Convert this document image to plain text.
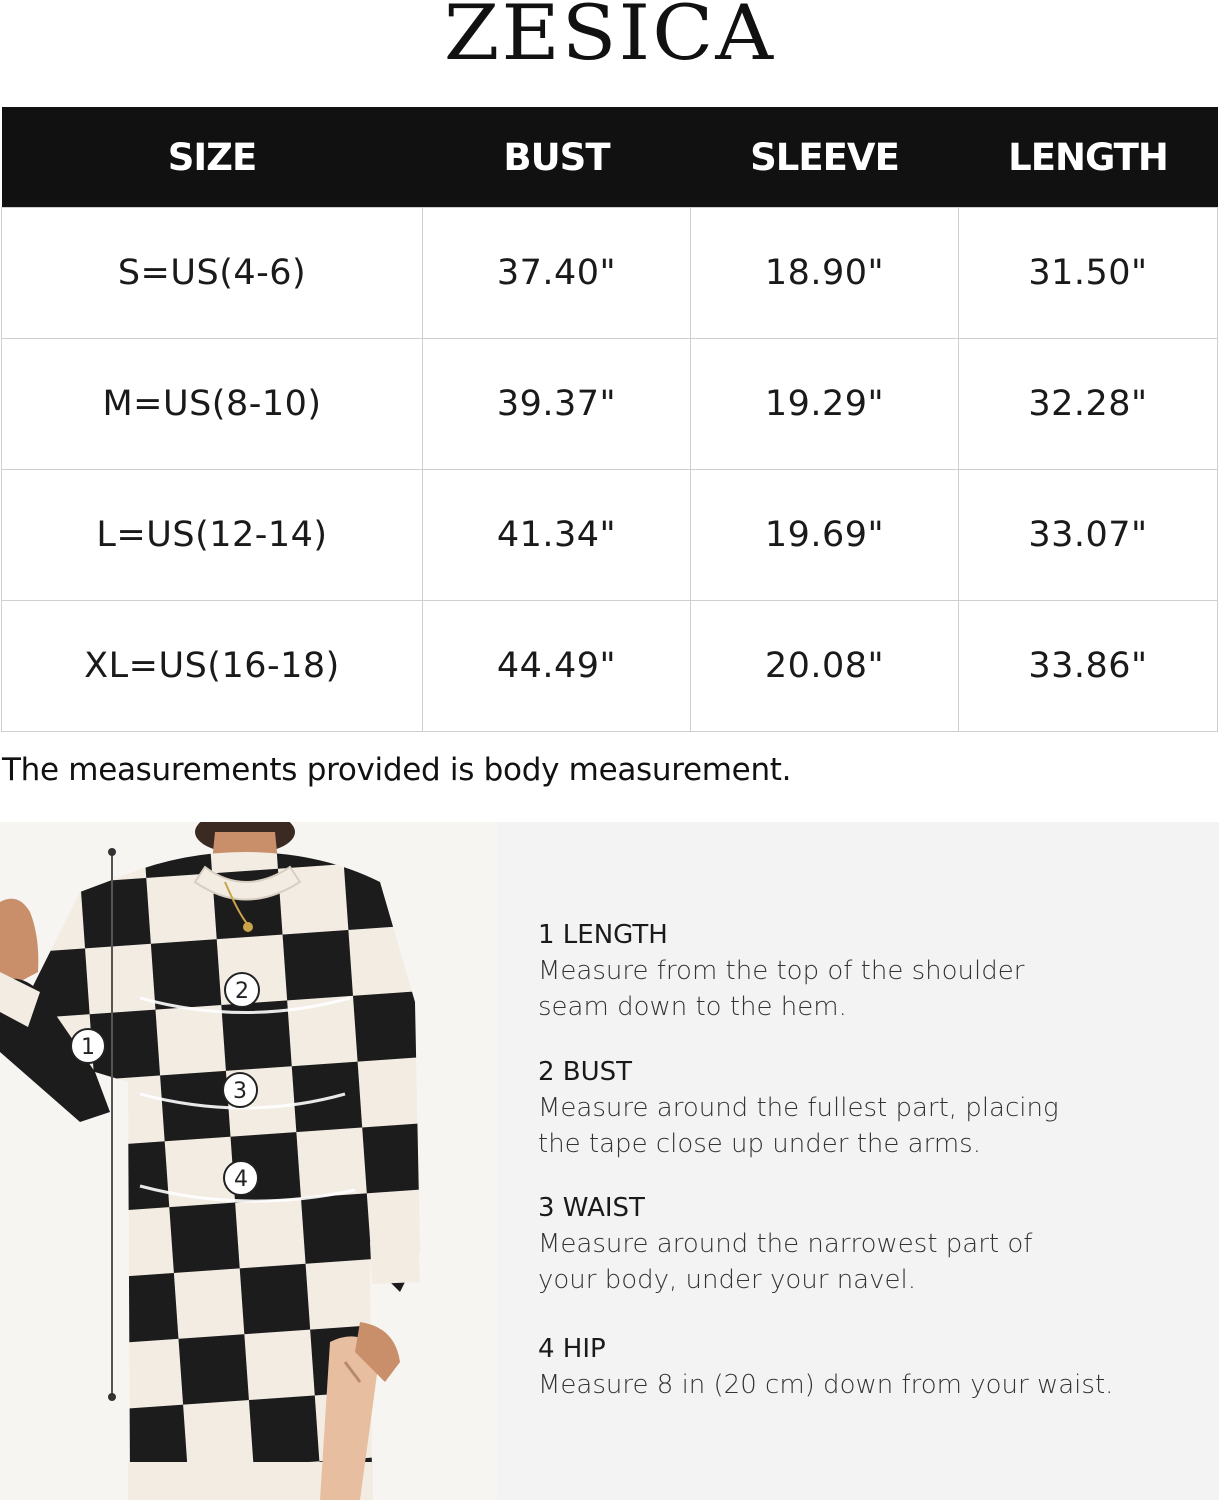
ZESICA
SIZE	BUST	SLEEVE	LENGTH
S=US(4-6)	37.40"	18.90"	31.50"
M=US(8-10)	39.37"	19.29"	32.28"
L=US(12-14)	41.34"	19.69"	33.07"
XL=US(16-18)	44.49"	20.08"	33.86"
The measurements provided is body measurement.
1
2
3
4
1 LENGTH
Measure from the top of the shoulder
seam down to the hem.
2 BUST
Measure around the fullest part, placing
the tape close up under the arms.
3 WAIST
Measure around the narrowest part of
your body, under your navel.
4 HIP
Measure 8 in (20 cm) down from your waist.
